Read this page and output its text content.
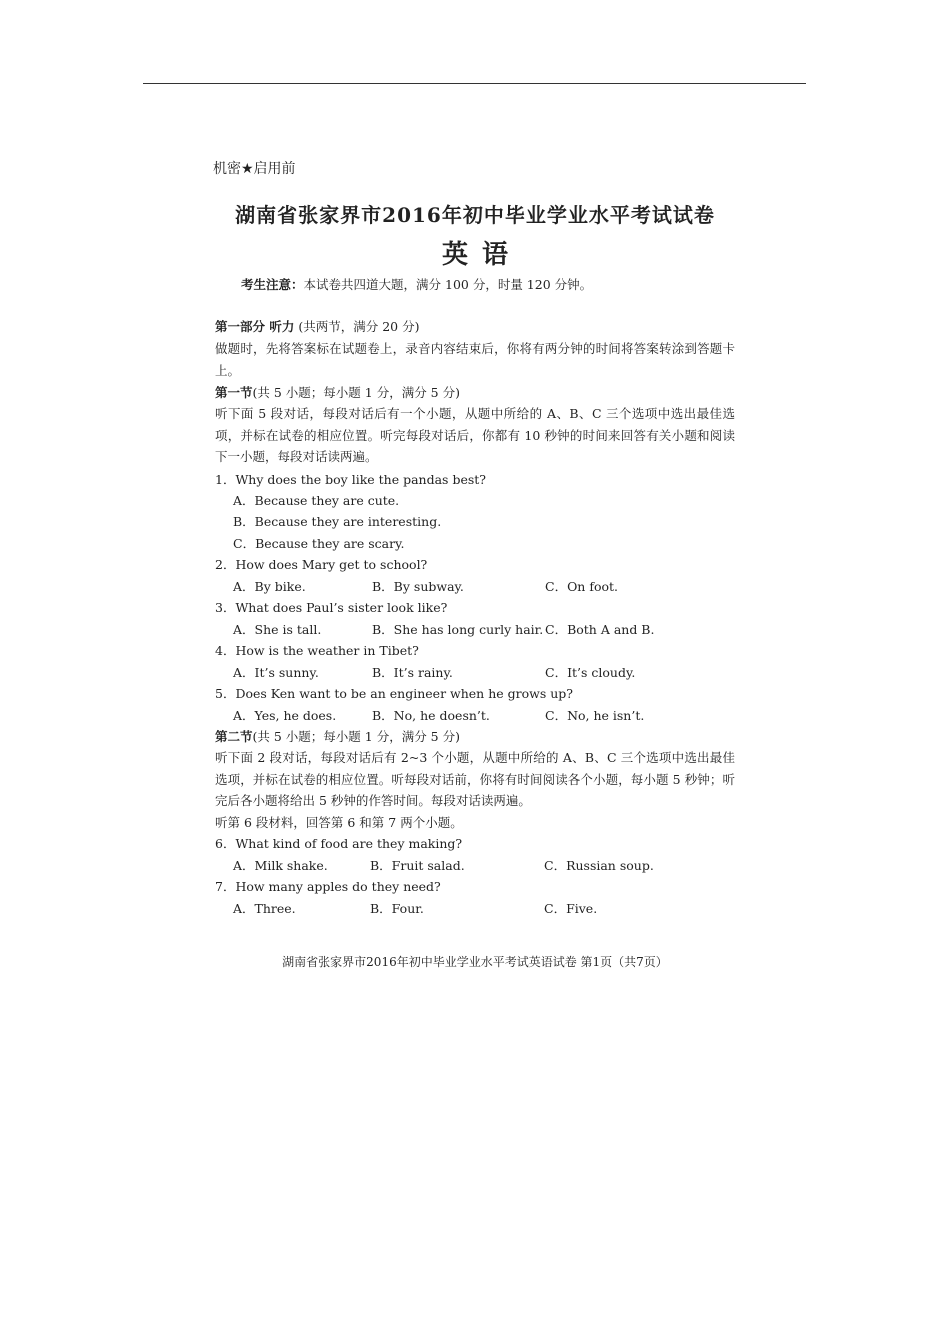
机密★启用前
湖南省张家界市2016年初中毕业学业水平考试试卷
英语
考生注意：本试卷共四道大题，满分 100 分，时量 120 分钟。
第一部分 听力 (共两节，满分 20 分)
做题时，先将答案标在试题卷上，录音内容结束后，你将有两分钟的时间将答案转涂到答题卡上。
第一节(共 5 小题；每小题 1 分，满分 5 分)
听下面 5 段对话，每段对话后有一个小题，从题中所给的 A、B、C 三个选项中选出最佳选项，并标在试卷的相应位置。听完每段对话后，你都有 10 秒钟的时间来回答有关小题和阅读下一小题，每段对话读两遍。
1．Why does the boy like the pandas best?
A．Because they are cute.
B．Because they are interesting.
C．Because they are scary.
2．How does Mary get to school?
A．By bike.	B．By subway.	C．On foot.
3．What does Paul’s sister look like?
A．She is tall.	B．She has long curly hair. C．Both A and B.
4．How is the weather in Tibet?
A．It’s sunny.	B．It’s rainy.	C．It’s cloudy.
5．Does Ken want to be an engineer when he grows up?
A．Yes, he does.	B．No, he doesn’t.	C．No, he isn’t.
第二节(共 5 小题；每小题 1 分，满分 5 分)
听下面 2 段对话，每段对话后有 2~3 个小题，从题中所给的 A、B、C 三个选项中选出最佳选项，并标在试卷的相应位置。听每段对话前，你将有时间阅读各个小题，每小题 5 秒钟；听完后各小题将给出 5 秒钟的作答时间。每段对话读两遍。
听第 6 段材料，回答第 6 和第 7 两个小题。
6．What kind of food are they making?
A．Milk shake.	B．Fruit salad.	C．Russian soup.
7．How many apples do they need?
A．Three.	B．Four.	C．Five.
湖南省张家界市2016年初中毕业学业水平考试英语试卷 第1页（共7页）
